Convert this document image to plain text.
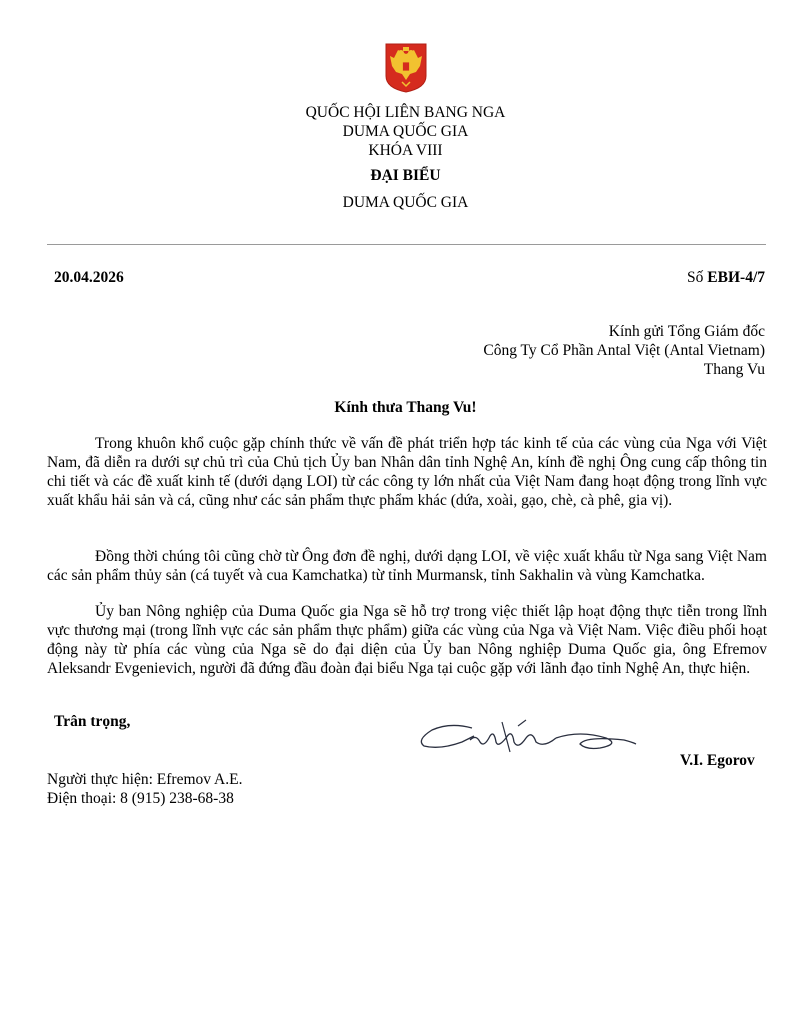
QUỐC HỘI LIÊN BANG NGA
DUMA QUỐC GIA
KHÓA VIII
ĐẠI BIỂU
DUMA QUỐC GIA
20.04.2026	Số ЕВИ-4/7
Kính gửi Tổng Giám đốc
Công Ty Cổ Phần Antal Việt (Antal Vietnam)
Thang Vu
Kính thưa Thang Vu!
Trong khuôn khổ cuộc gặp chính thức về vấn đề phát triển hợp tác kinh tế của các vùng của Nga với Việt Nam, đã diễn ra dưới sự chủ trì của Chủ tịch Ủy ban Nhân dân tỉnh Nghệ An, kính đề nghị Ông cung cấp thông tin chi tiết và các đề xuất kinh tế (dưới dạng LOI) từ các công ty lớn nhất của Việt Nam đang hoạt động trong lĩnh vực xuất khẩu hải sản và cá, cũng như các sản phẩm thực phẩm khác (dứa, xoài, gạo, chè, cà phê, gia vị).
Đồng thời chúng tôi cũng chờ từ Ông đơn đề nghị, dưới dạng LOI, về việc xuất khẩu từ Nga sang Việt Nam các sản phẩm thủy sản (cá tuyết và cua Kamchatka) từ tỉnh Murmansk, tỉnh Sakhalin và vùng Kamchatka.
Ủy ban Nông nghiệp của Duma Quốc gia Nga sẽ hỗ trợ trong việc thiết lập hoạt động thực tiễn trong lĩnh vực thương mại (trong lĩnh vực các sản phẩm thực phẩm) giữa các vùng của Nga và Việt Nam. Việc điều phối hoạt động này từ phía các vùng của Nga sẽ do đại diện của Ủy ban Nông nghiệp Duma Quốc gia, ông Efremov Aleksandr Evgenievich, người đã đứng đầu đoàn đại biểu Nga tại cuộc gặp với lãnh đạo tỉnh Nghệ An, thực hiện.
Trân trọng,
V.I. Egorov
Người thực hiện: Efremov A.E.
Điện thoại: 8 (915) 238-68-38
